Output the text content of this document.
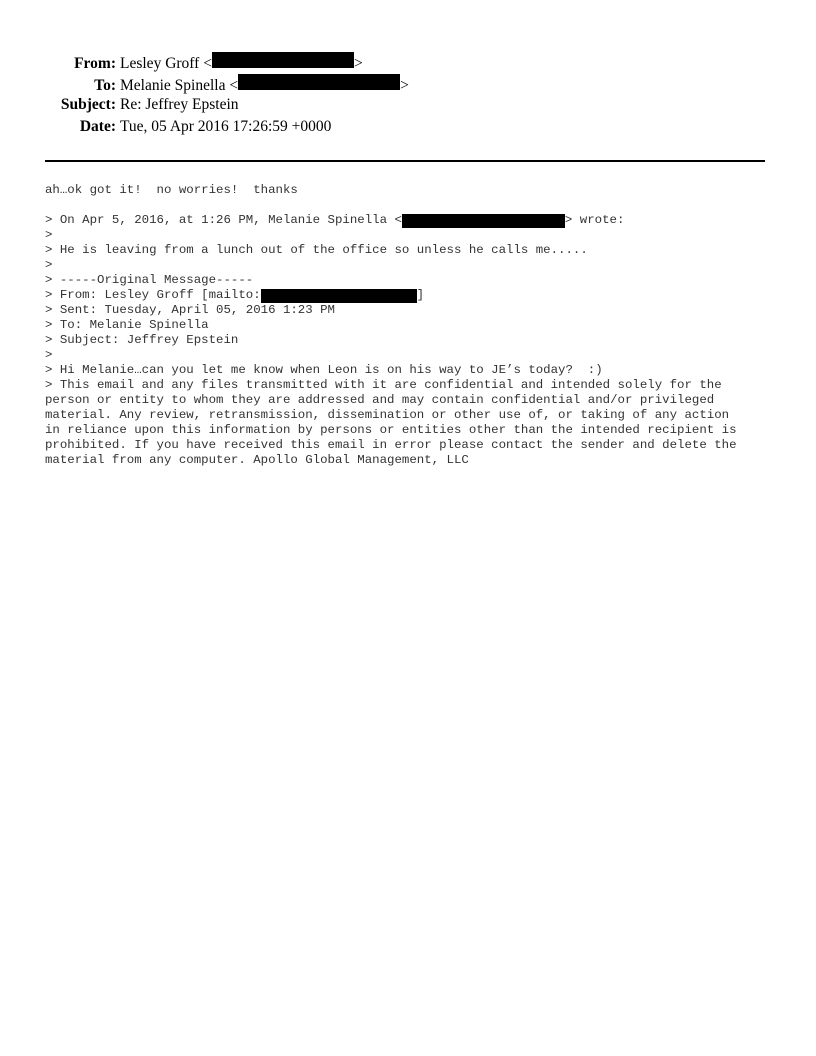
From: Lesley Groff <	>
To: Melanie Spinella <	>
Subject: Re: Jeffrey Epstein
Date: Tue, 05 Apr 2016 17:26:59 +0000
ah…ok got it!  no worries!  thanks
> On Apr 5, 2016, at 1:26 PM, Melanie Spinella <	> wrote:
>
> He is leaving from a lunch out of the office so unless he calls me.....
>
> -----Original Message-----
> From: Lesley Groff [mailto:	]
> Sent: Tuesday, April 05, 2016 1:23 PM
> To: Melanie Spinella
> Subject: Jeffrey Epstein
>
> Hi Melanie…can you let me know when Leon is on his way to JE’s today?  :)
> This email and any files transmitted with it are confidential and intended solely for the
person or entity to whom they are addressed and may contain confidential and/or privileged
material. Any review, retransmission, dissemination or other use of, or taking of any action
in reliance upon this information by persons or entities other than the intended recipient is
prohibited. If you have received this email in error please contact the sender and delete the
material from any computer. Apollo Global Management, LLC
